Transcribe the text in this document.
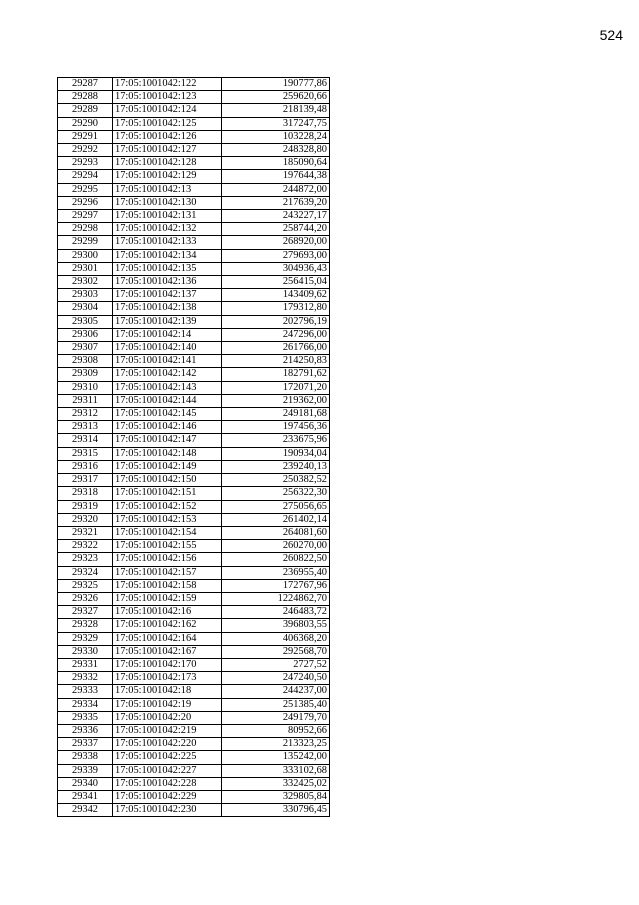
524
29287	17:05:1001042:122	190777,86
29288	17:05:1001042:123	259620,66
29289	17:05:1001042:124	218139,48
29290	17:05:1001042:125	317247,75
29291	17:05:1001042:126	103228,24
29292	17:05:1001042:127	248328,80
29293	17:05:1001042:128	185090,64
29294	17:05:1001042:129	197644,38
29295	17:05:1001042:13	244872,00
29296	17:05:1001042:130	217639,20
29297	17:05:1001042:131	243227,17
29298	17:05:1001042:132	258744,20
29299	17:05:1001042:133	268920,00
29300	17:05:1001042:134	279693,00
29301	17:05:1001042:135	304936,43
29302	17:05:1001042:136	256415,04
29303	17:05:1001042:137	143409,62
29304	17:05:1001042:138	179312,80
29305	17:05:1001042:139	202796,19
29306	17:05:1001042:14	247296,00
29307	17:05:1001042:140	261766,00
29308	17:05:1001042:141	214250,83
29309	17:05:1001042:142	182791,62
29310	17:05:1001042:143	172071,20
29311	17:05:1001042:144	219362,00
29312	17:05:1001042:145	249181,68
29313	17:05:1001042:146	197456,36
29314	17:05:1001042:147	233675,96
29315	17:05:1001042:148	190934,04
29316	17:05:1001042:149	239240,13
29317	17:05:1001042:150	250382,52
29318	17:05:1001042:151	256322,30
29319	17:05:1001042:152	275056,65
29320	17:05:1001042:153	261402,14
29321	17:05:1001042:154	264081,60
29322	17:05:1001042:155	260270,00
29323	17:05:1001042:156	260822,50
29324	17:05:1001042:157	236955,40
29325	17:05:1001042:158	172767,96
29326	17:05:1001042:159	1224862,70
29327	17:05:1001042:16	246483,72
29328	17:05:1001042:162	396803,55
29329	17:05:1001042:164	406368,20
29330	17:05:1001042:167	292568,70
29331	17:05:1001042:170	2727,52
29332	17:05:1001042:173	247240,50
29333	17:05:1001042:18	244237,00
29334	17:05:1001042:19	251385,40
29335	17:05:1001042:20	249179,70
29336	17:05:1001042:219	80952,66
29337	17:05:1001042:220	213323,25
29338	17:05:1001042:225	135242,00
29339	17:05:1001042:227	333102,68
29340	17:05:1001042:228	332425,02
29341	17:05:1001042:229	329805,84
29342	17:05:1001042:230	330796,45
